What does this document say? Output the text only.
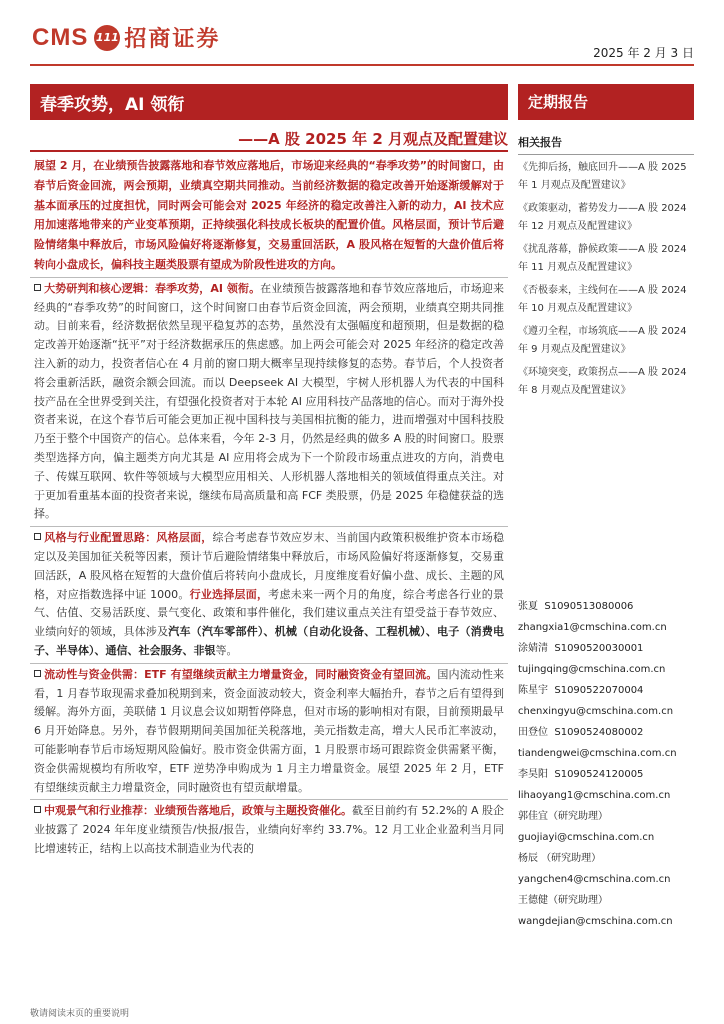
CMS 111 招商证券
2025 年 2 月 3 日
春季攻势，AI 领衔
——A 股 2025 年 2 月观点及配置建议
定期报告
展望 2 月，在业绩预告披露落地和春节效应落地后，市场迎来经典的“春季攻势”的时间窗口，由春节后资金回流，两会预期，业绩真空期共同推动。当前经济数据的稳定改善开始逐渐缓解对于基本面承压的过度担忧，同时两会可能会对 2025 年经济的稳定改善注入新的动力，AI 技术应用加速落地带来的产业变革预期，正持续强化科技成长板块的配置价值。风格层面，预计节后避险情绪集中释放后，市场风险偏好将逐渐修复，交易重回活跃，A 股风格在短暂的大盘价值后将转向小盘成长，偏科技主题类股票有望成为阶段性进攻的方向。
大势研判和核心逻辑：春季攻势，AI 领衔。在业绩预告披露落地和春节效应落地后，市场迎来经典的“春季攻势”的时间窗口，这个时间窗口由春节后资金回流，两会预期，业绩真空期共同推动。目前来看，经济数据依然呈现平稳复苏的态势，虽然没有太强幅度和超预期，但是数据的稳定改善开始逐渐“抚平”对于经济数据承压的焦虑感。加上两会可能会对 2025 年经济的稳定改善注入新的动力，投资者信心在 4 月前的窗口期大概率呈现持续修复的态势。春节后，个人投资者将会重新活跃，融资余额会回流。而以 Deepseek AI 大模型，宇树人形机器人为代表的中国科技产品在全世界受到关注，有望强化投资者对于本轮 AI 应用科技产品落地的信心。而对于海外投资者来说，在这个春节后可能会更加正视中国科技与美国相抗衡的能力，进而增强对中国科技股乃至于整个中国资产的信心。总体来看，今年 2-3 月，仍然是经典的做多 A 股的时间窗口。股票类型选择方向，偏主题类方向尤其是 AI 应用将会成为下一个阶段市场重点进攻的方向，消费电子、传媒互联网、软件等领域与大模型应用相关、人形机器人落地相关的领域值得重点关注。对于更加看重基本面的投资者来说，继续布局高质量和高 FCF 类股票，仍是 2025 年稳健获益的选择。
风格与行业配置思路：风格层面，综合考虑春节效应岁末、当前国内政策积极维护资本市场稳定以及美国加征关税等因素，预计节后避险情绪集中释放后，市场风险偏好将逐渐修复，交易重回活跃，A 股风格在短暂的大盘价值后将转向小盘成长，月度维度看好偏小盘、成长、主题的风格，对应指数选择中证 1000。行业选择层面，考虑未来一两个月的角度，综合考虑各行业的景气、估值、交易活跃度、景气变化、政策和事件催化，我们建议重点关注有望受益于春节效应、业绩向好的领域，具体涉及汽车（汽车零部件）、机械（自动化设备、工程机械）、电子（消费电子、半导体）、通信、社会服务、非银等。
流动性与资金供需：ETF 有望继续贡献主力增量资金，同时融资资金有望回流。国内流动性来看，1 月春节取现需求叠加税期到来，资金面波动较大，资金利率大幅抬升，春节之后有望得到缓解。海外方面，美联储 1 月议息会议如期暂停降息，但对市场的影响相对有限，目前预期最早 6 月开始降息。另外，春节假期期间美国加征关税落地，美元指数走高，增大人民币汇率波动，可能影响春节后市场短期风险偏好。股市资金供需方面，1 月股票市场可跟踪资金供需紧平衡，资金供需规模均有所收窄，ETF 逆势净申购成为 1 月主力增量资金。展望 2025 年 2 月，ETF 有望继续贡献主力增量资金，同时融资也有望贡献增量。
中观景气和行业推荐：业绩预告落地后，政策与主题投资催化。截至目前约有 52.2%的 A 股企业披露了 2024 年年度业绩预告/快报/报告，业绩向好率约 33.7%。12 月工业企业盈利当月同比增速转正，结构上以高技术制造业为代表的
相关报告
《先抑后扬，触底回升——A 股 2025 年 1 月观点及配置建议》
《政策驱动，蓄势发力——A 股 2024 年 12 月观点及配置建议》
《扰乱落幕，静候政策——A 股 2024 年 11 月观点及配置建议》
《否极泰来，主线何在——A 股 2024 年 10 月观点及配置建议》
《遵刃全程，市场筑底——A 股 2024 年 9 月观点及配置建议》
《环境突变，政策拐点——A 股 2024 年 8 月观点及配置建议》
张夏 S1090513080006
zhangxia1@cmschina.com.cn
涂婧清 S1090520030001
tujingqing@cmschina.com.cn
陈星宇 S1090522070004
chenxingyu@cmschina.com.cn
田登位 S1090524080002
tiandengwei@cmschina.com.cn
李昊阳 S1090524120005
lihaoyang1@cmschina.com.cn
郭佳宜（研究助理）
guojiayi@cmschina.com.cn
杨辰 （研究助理）
yangchen4@cmschina.com.cn
王德健（研究助理）
wangdejian@cmschina.com.cn
敬请阅读末页的重要说明
